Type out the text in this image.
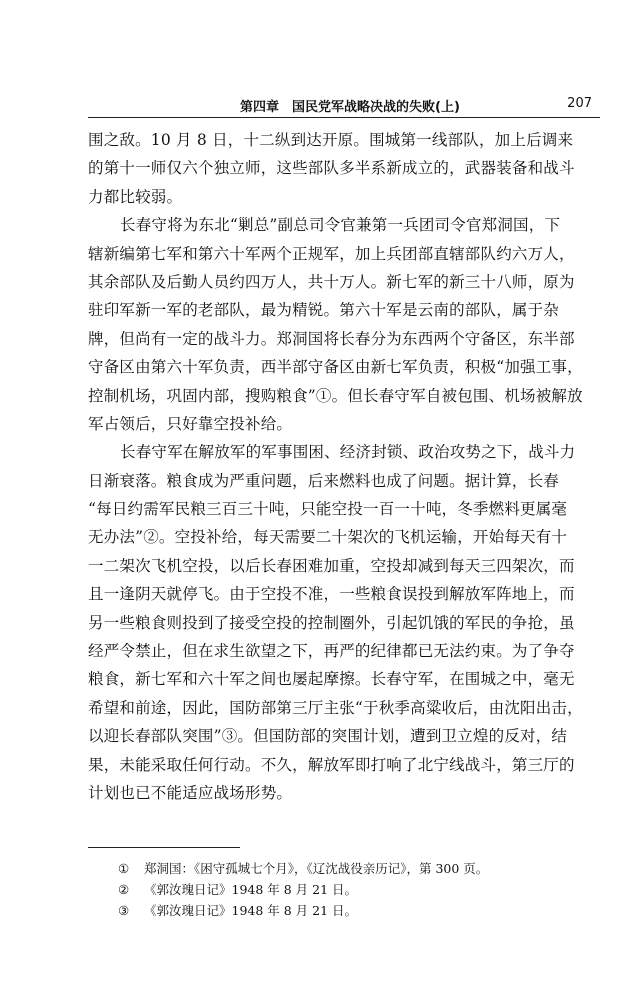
第四章　国民党军战略决战的失败(上)	207
围之敌。10 月 8 日，十二纵到达开原。围城第一线部队，加上后调来
的第十一师仅六个独立师，这些部队多半系新成立的，武器装备和战斗
力都比较弱。
长春守将为东北“剿总”副总司令官兼第一兵团司令官郑洞国，下
辖新编第七军和第六十军两个正规军，加上兵团部直辖部队约六万人，
其余部队及后勤人员约四万人，共十万人。新七军的新三十八师，原为
驻印军新一军的老部队，最为精锐。第六十军是云南的部队，属于杂
牌，但尚有一定的战斗力。郑洞国将长春分为东西两个守备区，东半部
守备区由第六十军负责，西半部守备区由新七军负责，积极“加强工事，
控制机场，巩固内部，搜购粮食”①。但长春守军自被包围、机场被解放
军占领后，只好靠空投补给。
长春守军在解放军的军事围困、经济封锁、政治攻势之下，战斗力
日渐衰落。粮食成为严重问题，后来燃料也成了问题。据计算，长春
“每日约需军民粮三百三十吨，只能空投一百一十吨，冬季燃料更属毫
无办法”②。空投补给，每天需要二十架次的飞机运输，开始每天有十
一二架次飞机空投，以后长春困难加重，空投却减到每天三四架次，而
且一逢阴天就停飞。由于空投不准，一些粮食误投到解放军阵地上，而
另一些粮食则投到了接受空投的控制圈外，引起饥饿的军民的争抢，虽
经严令禁止，但在求生欲望之下，再严的纪律都已无法约束。为了争夺
粮食，新七军和六十军之间也屡起摩擦。长春守军，在围城之中，毫无
希望和前途，因此，国防部第三厅主张“于秋季高粱收后，由沈阳出击，
以迎长春部队突围”③。但国防部的突围计划，遭到卫立煌的反对，结
果，未能采取任何行动。不久，解放军即打响了北宁线战斗，第三厅的
计划也已不能适应战场形势。
① 郑洞国：《困守孤城七个月》，《辽沈战役亲历记》，第 300 页。
② 《郭汝瑰日记》1948 年 8 月 21 日。
③ 《郭汝瑰日记》1948 年 8 月 21 日。
